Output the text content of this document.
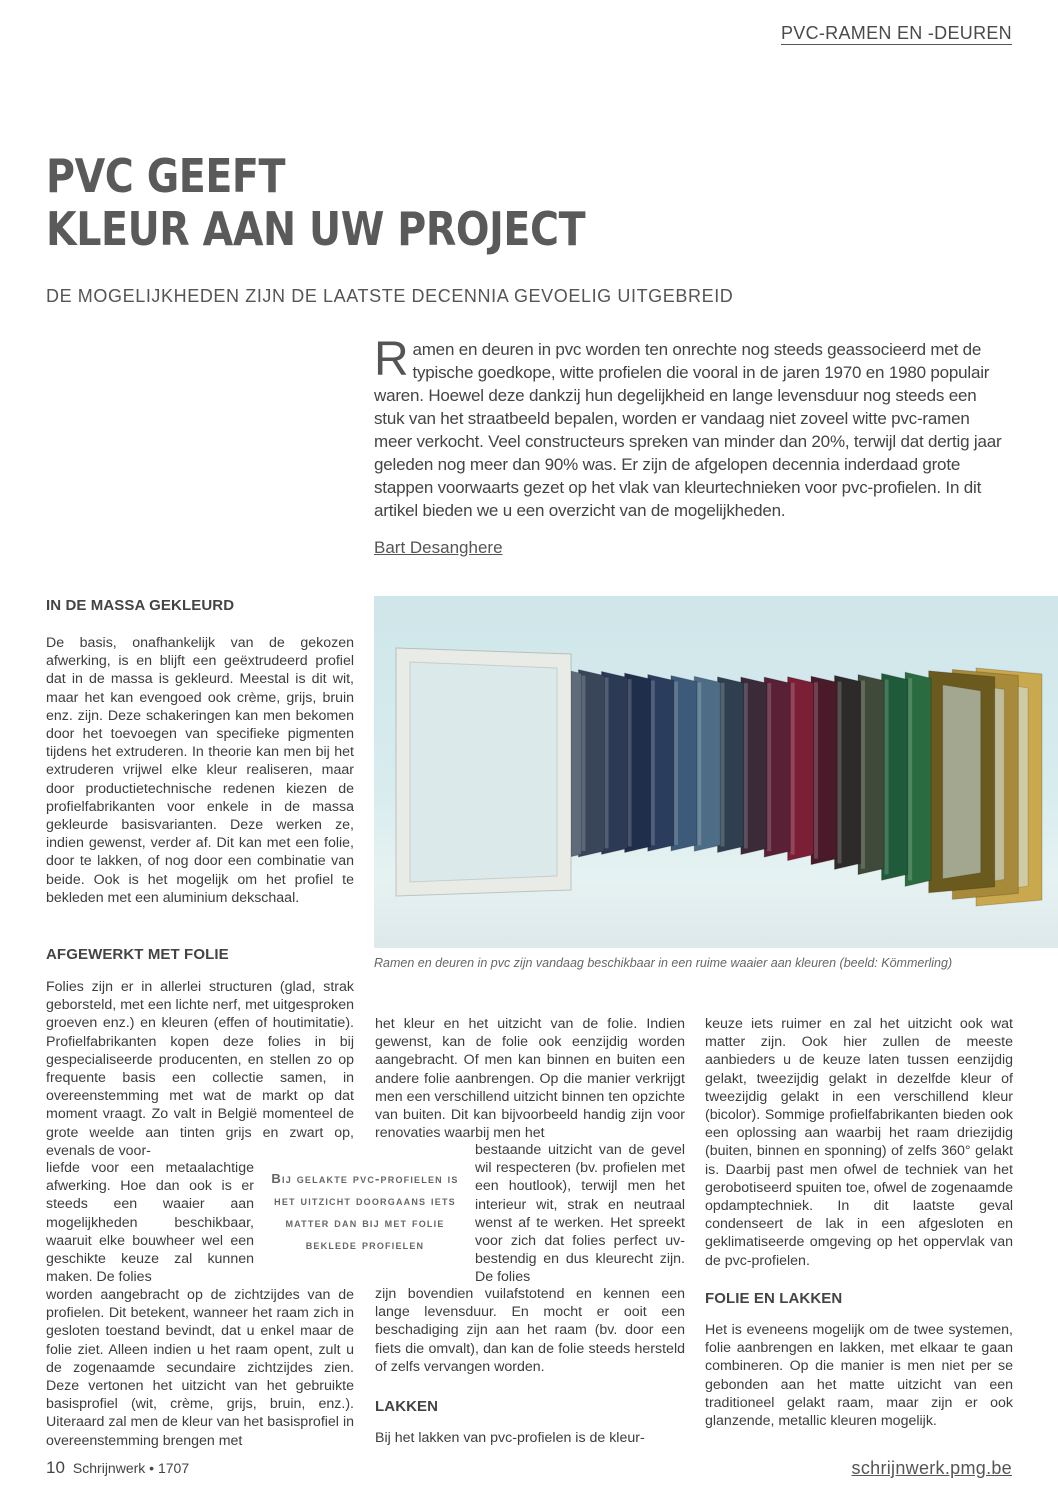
PVC-RAMEN EN -DEUREN
PVC GEEFT
KLEUR AAN UW PROJECT
DE MOGELIJKHEDEN ZIJN DE LAATSTE DECENNIA GEVOELIG UITGEBREID
Ramen en deuren in pvc worden ten onrechte nog steeds geassocieerd met de typische goedkope, witte profielen die vooral in de jaren 1970 en 1980 populair waren. Hoewel deze dankzij hun degelijkheid en lange levensduur nog steeds een stuk van het straatbeeld bepalen, worden er vandaag niet zoveel witte pvc-ramen meer verkocht. Veel constructeurs spreken van minder dan 20%, terwijl dat dertig jaar geleden nog meer dan 90% was. Er zijn de afgelopen decennia inderdaad grote stappen voorwaarts gezet op het vlak van kleurtechnieken voor pvc-profielen. In dit artikel bieden we u een overzicht van de mogelijkheden.
Bart Desanghere
Ramen en deuren in pvc zijn vandaag beschikbaar in een ruime waaier aan kleuren (beeld: Kömmerling)
IN DE MASSA GEKLEURD
De basis, onafhankelijk van de gekozen afwerking, is en blijft een geëxtrudeerd profiel dat in de massa is gekleurd. Meestal is dit wit, maar het kan evengoed ook crème, grijs, bruin enz. zijn. Deze schakeringen kan men bekomen door het toevoegen van specifieke pigmenten tijdens het extruderen. In theorie kan men bij het extruderen vrijwel elke kleur realiseren, maar door productietechnische redenen kiezen de profielfabrikanten voor enkele in de massa gekleurde basisvarianten. Deze werken ze, indien gewenst, verder af. Dit kan met een folie, door te lakken, of nog door een combinatie van beide. Ook is het mogelijk om het profiel te bekleden met een aluminium dekschaal.
AFGEWERKT MET FOLIE
Folies zijn er in allerlei structuren (glad, strak geborsteld, met een lichte nerf, met uitgesproken groeven enz.) en kleuren (effen of houtimitatie). Profielfabrikanten kopen deze folies in bij gespecialiseerde producenten, en stellen zo op frequente basis een collectie samen, in overeenstemming met wat de markt op dat moment vraagt. Zo valt in België momenteel de grote weelde aan tinten grijs en zwart op, evenals de voor-
liefde voor een metaalachtige afwerking. Hoe dan ook is er steeds een waaier aan mogelijkheden beschikbaar, waaruit elke bouwheer wel een geschikte keuze zal kunnen maken. De folies
worden aangebracht op de zichtzijdes van de profielen. Dit betekent, wanneer het raam zich in gesloten toestand bevindt, dat u enkel maar de folie ziet. Alleen indien u het raam opent, zult u de zogenaamde secundaire zichtzijdes zien. Deze vertonen het uitzicht van het gebruikte basisprofiel (wit, crème, grijs, bruin, enz.). Uiteraard zal men de kleur van het basisprofiel in overeenstemming brengen met
Bij gelakte pvc-profielen is het uitzicht doorgaans iets matter dan bij met folie beklede profielen
het kleur en het uitzicht van de folie. Indien gewenst, kan de folie ook eenzijdig worden aangebracht. Of men kan binnen en buiten een andere folie aanbrengen. Op die manier verkrijgt men een verschillend uitzicht binnen ten opzichte van buiten. Dit kan bijvoorbeeld handig zijn voor renovaties waarbij men het
bestaande uitzicht van de gevel wil respecteren (bv. profielen met een houtlook), terwijl men het interieur wit, strak en neutraal wenst af te werken. Het spreekt voor zich dat folies perfect uv-bestendig en dus kleurecht zijn. De folies
zijn bovendien vuilafstotend en kennen een lange levensduur. En mocht er ooit een beschadiging zijn aan het raam (bv. door een fiets die omvalt), dan kan de folie steeds hersteld of zelfs vervangen worden.
LAKKEN
Bij het lakken van pvc-profielen is de kleur-
keuze iets ruimer en zal het uitzicht ook wat matter zijn. Ook hier zullen de meeste aanbieders u de keuze laten tussen eenzijdig gelakt, tweezijdig gelakt in dezelfde kleur of tweezijdig gelakt in een verschillend kleur (bicolor). Sommige profielfabrikanten bieden ook een oplossing aan waarbij het raam driezijdig (buiten, binnen en sponning) of zelfs 360° gelakt is. Daarbij past men ofwel de techniek van het gerobotiseerd spuiten toe, ofwel de zogenaamde opdamptechniek. In dit laatste geval condenseert de lak in een afgesloten en geklimatiseerde omgeving op het oppervlak van de pvc-profielen.
FOLIE EN LAKKEN
Het is eveneens mogelijk om de twee systemen, folie aanbrengen en lakken, met elkaar te gaan combineren. Op die manier is men niet per se gebonden aan het matte uitzicht van een traditioneel gelakt raam, maar zijn er ook glanzende, metallic kleuren mogelijk.
10 Schrijnwerk • 1707	schrijnwerk.pmg.be
